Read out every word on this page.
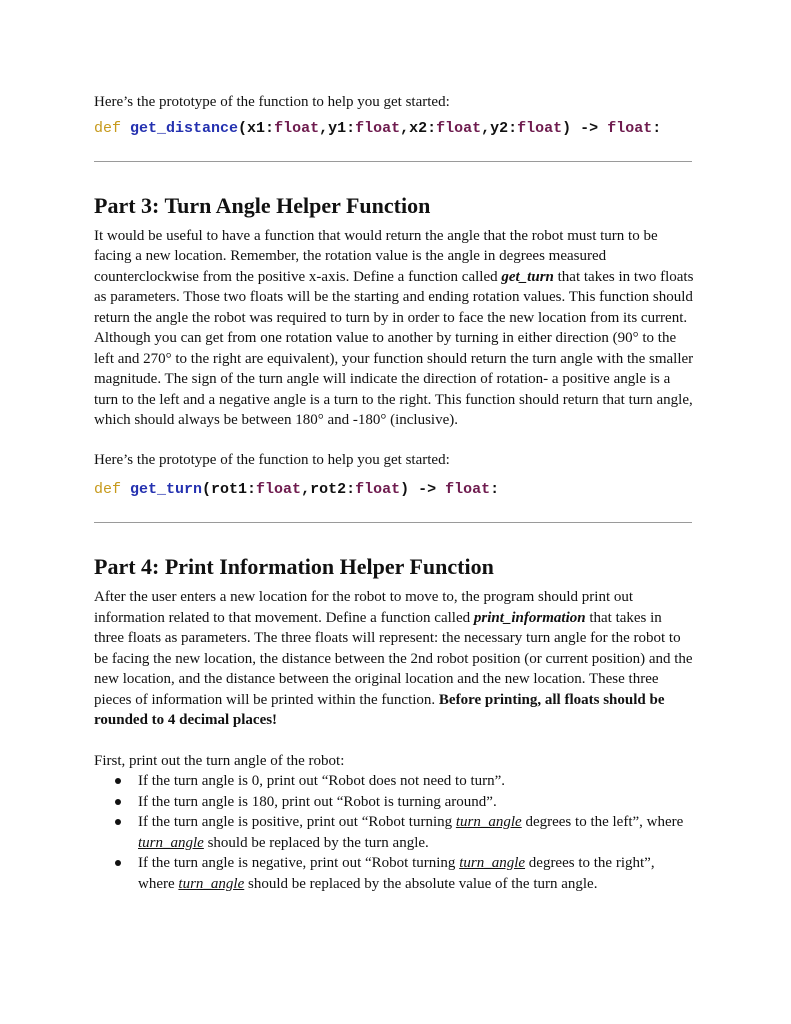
Here’s the prototype of the function to help you get started:

def get_distance(x1:float,y1:float,x2:float,y2:float) -> float:
Part 3: Turn Angle Helper Function

It would be useful to have a function that would return the angle that the robot must turn to be facing a new location. Remember, the rotation value is the angle in degrees measured counterclockwise from the positive x-axis. Define a function called get_turn that takes in two floats as parameters. Those two floats will be the starting and ending rotation values. This function should return the angle the robot was required to turn by in order to face the new location from its current. Although you can get from one rotation value to another by turning in either direction (90° to the left and 270° to the right are equivalent), your function should return the turn angle with the smaller magnitude. The sign of the turn angle will indicate the direction of rotation- a positive angle is a turn to the left and a negative angle is a turn to the right. This function should return that turn angle, which should always be between 180° and -180° (inclusive).

Here’s the prototype of the function to help you get started:

def get_turn(rot1:float,rot2:float) -> float:
Part 4: Print Information Helper Function

After the user enters a new location for the robot to move to, the program should print out information related to that movement. Define a function called print_information that takes in three floats as parameters. The three floats will represent: the necessary turn angle for the robot to be facing the new location, the distance between the 2nd robot position (or current position) and the new location, and the distance between the original location and the new location. These three pieces of information will be printed within the function. Before printing, all floats should be rounded to 4 decimal places!

First, print out the turn angle of the robot:

If the turn angle is 0, print out “Robot does not need to turn”.
If the turn angle is 180, print out “Robot is turning around”.
If the turn angle is positive, print out “Robot turning turn_angle degrees to the left”, where turn_angle should be replaced by the turn angle.
If the turn angle is negative, print out “Robot turning turn_angle degrees to the right”, where turn_angle should be replaced by the absolute value of the turn angle.
